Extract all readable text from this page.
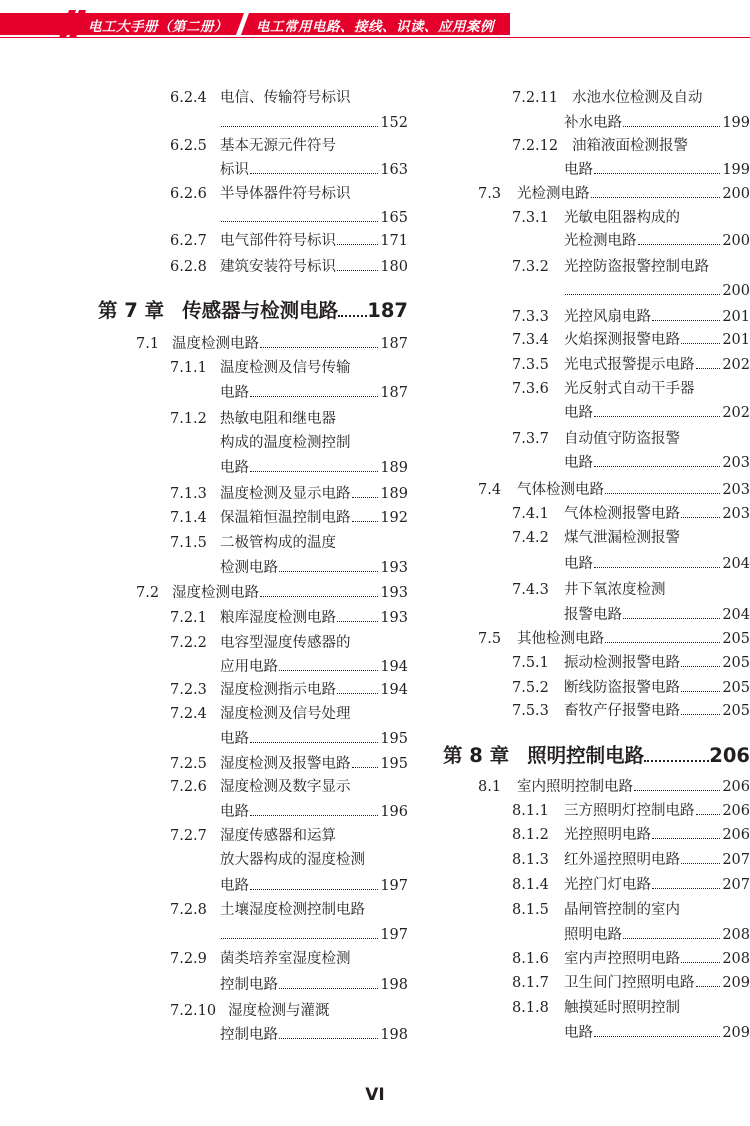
电工大手册（第二册） 电工常用电路、接线、识读、应用案例
6.2.4 电信、传输符号标识
152
6.2.5 基本无源元件符号
标识	163
6.2.6 半导体器件符号标识
165
6.2.7 电气部件符号标识	171
6.2.8 建筑安装符号标识	180
7.1 温度检测电路	187
7.1.1 温度检测及信号传输
电路	187
7.1.2 热敏电阻和继电器
构成的温度检测控制
电路	189
7.1.3 温度检测及显示电路	189
7.1.4 保温箱恒温控制电路	192
7.1.5 二极管构成的温度
检测电路	193
7.2 湿度检测电路	193
7.2.1 粮库湿度检测电路	193
7.2.2 电容型湿度传感器的
应用电路	194
7.2.3 湿度检测指示电路	194
7.2.4 湿度检测及信号处理
电路	195
7.2.5 湿度检测及报警电路	195
7.2.6 湿度检测及数字显示
电路	196
7.2.7 湿度传感器和运算
放大器构成的湿度检测
电路	197
7.2.8 土壤湿度检测控制电路
197
7.2.9 菌类培养室湿度检测
控制电路	198
7.2.10 湿度检测与灌溉
控制电路	198
7.2.11 水池水位检测及自动
补水电路	199
7.2.12 油箱液面检测报警
电路	199
7.3 光检测电路	200
7.3.1 光敏电阻器构成的
光检测电路	200
7.3.2 光控防盗报警控制电路
200
7.3.3 光控风扇电路	201
7.3.4 火焰探测报警电路	201
7.3.5 光电式报警提示电路	202
7.3.6 光反射式自动干手器
电路	202
7.3.7 自动值守防盗报警
电路	203
7.4 气体检测电路	203
7.4.1 气体检测报警电路	203
7.4.2 煤气泄漏检测报警
电路	204
7.4.3 井下氧浓度检测
报警电路	204
7.5 其他检测电路	205
7.5.1 振动检测报警电路	205
7.5.2 断线防盗报警电路	205
7.5.3 畜牧产仔报警电路	205
8.1 室内照明控制电路	206
8.1.1 三方照明灯控制电路	206
8.1.2 光控照明电路	206
8.1.3 红外遥控照明电路	207
8.1.4 光控门灯电路	207
8.1.5 晶闸管控制的室内
照明电路	208
8.1.6 室内声控照明电路	208
8.1.7 卫生间门控照明电路	209
8.1.8 触摸延时照明控制
电路	209
第 7 章 传感器与检测电路 187
第 8 章 照明控制电路	206
VI
